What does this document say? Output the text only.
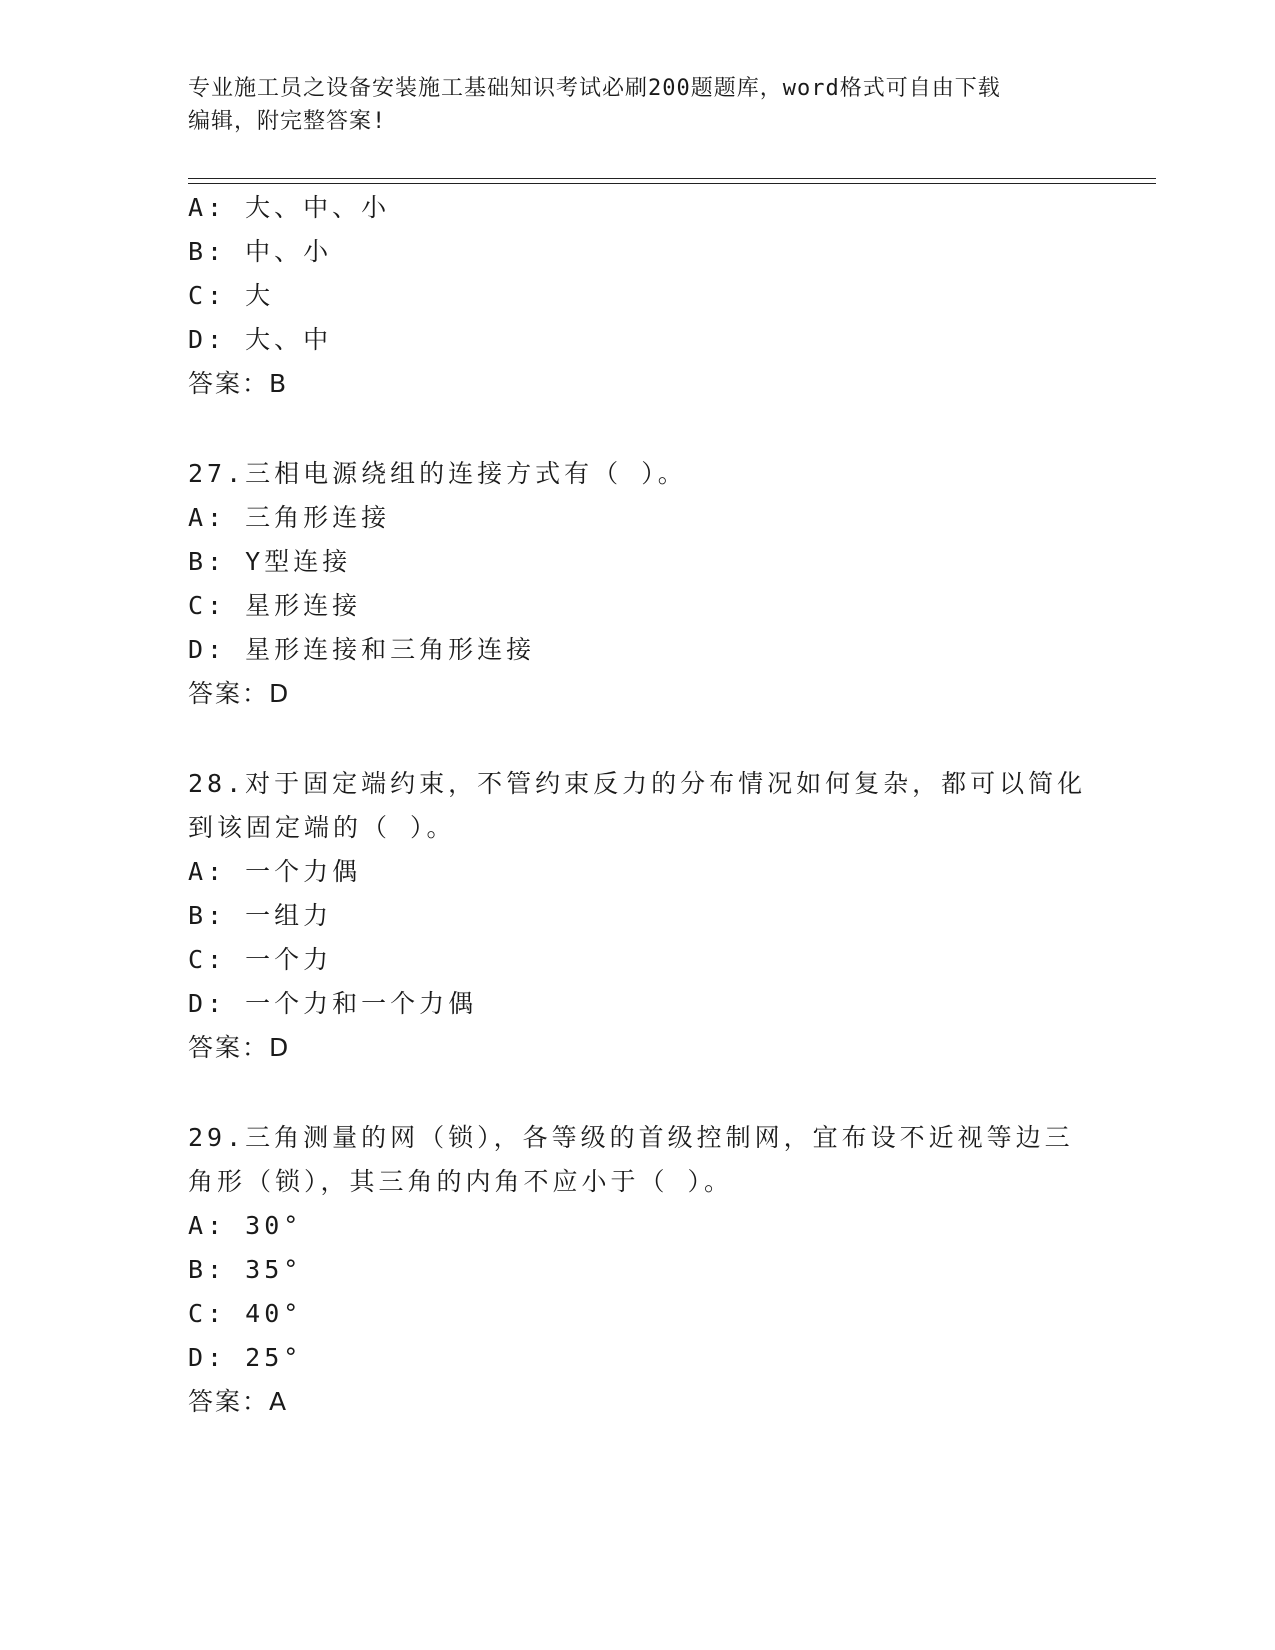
专业施工员之设备安装施工基础知识考试必刷200题题库，word格式可自由下载
编辑，附完整答案!
A: 大、中、小
B: 中、小
C: 大
D: 大、中
答案：B
27.三相电源绕组的连接方式有（ ）。
A: 三角形连接
B: Y型连接
C: 星形连接
D: 星形连接和三角形连接
答案：D
28.对于固定端约束，不管约束反力的分布情况如何复杂，都可以简化
到该固定端的（ ）。
A: 一个力偶
B: 一组力
C: 一个力
D: 一个力和一个力偶
答案：D
29.三角测量的网（锁），各等级的首级控制网，宜布设不近视等边三
角形（锁），其三角的内角不应小于（ ）。
A: 30°
B: 35°
C: 40°
D: 25°
答案：A
